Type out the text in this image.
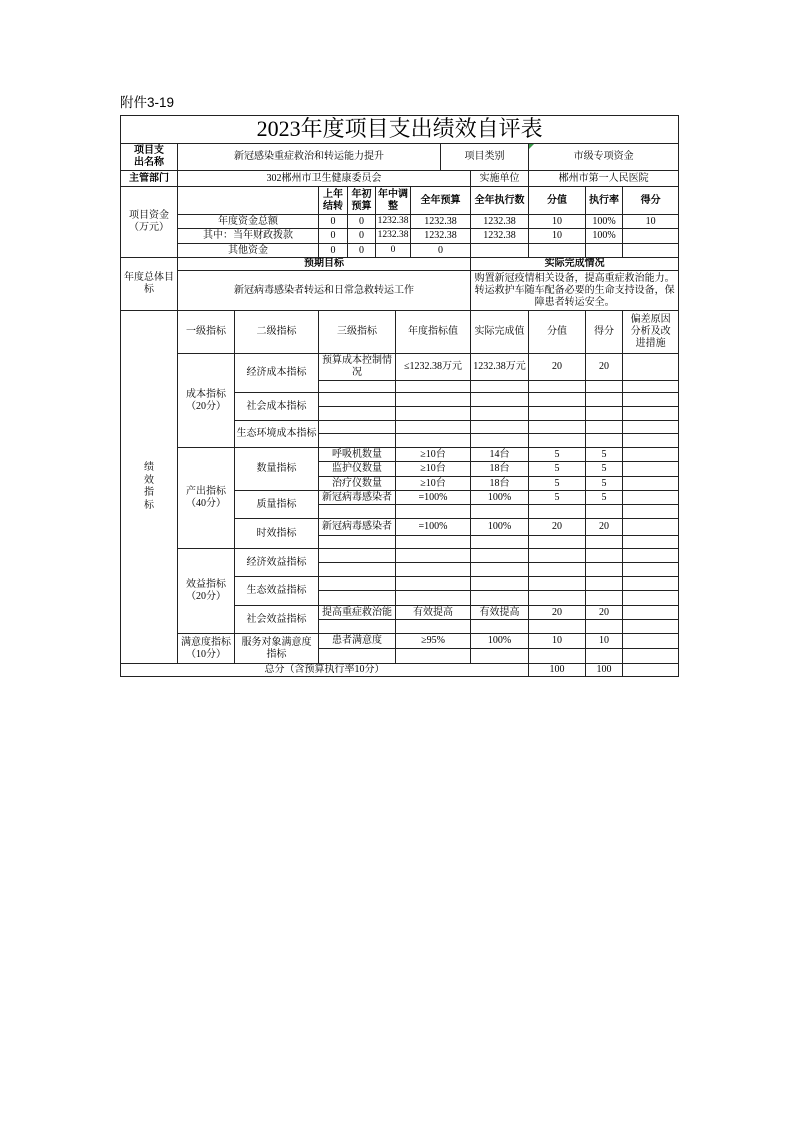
附件3-19
2023年度项目支出绩效自评表												
项目支出名称	新冠感染重症救治和转运能力提升							项目类别		市级专项资金		
主管部门	302郴州市卫生健康委员会								实施单位	郴州市第一人民医院		
项目资金（万元）			上年结转	年初预算	年中调整		全年预算		全年执行数	分值	执行率	得分
	年度资金总额		0	0	1232.38		1232.38		1232.38	10	100%	10
	其中：当年财政拨款		0	0	1232.38		1232.38		1232.38	10	100%	
	其他资金		0	0	0		0					
年度总体目标	预期目标								实际完成情况			
	新冠病毒感染者转运和日常急救转运工作								购置新冠疫情相关设备，提高重症救治能力。转运救护车随车配备必要的生命支持设备，保障患者转运安全。			
绩效指标	一级指标	二级指标	三级指标			年度指标值			实际完成值	分值	得分	偏差原因分析及改进措施
	成本指标（20分）	经济成本指标	预算成本控制情况			≤1232.38万元			1232.38万元	20	20	

		社会成本指标										

		生态环境成本指标										

	产出指标（40分）	数量指标	呼吸机数量			≥10台			14台	5	5	
			监护仪数量			≥10台			18台	5	5	
			治疗仪数量			≥10台			18台	5	5	
		质量指标	新冠病毒感染者			=100%			100%	5	5	

		时效指标	新冠病毒感染者			=100%			100%	20	20	

	效益指标（20分）	经济效益指标										

		生态效益指标										

		社会效益指标	提高重症救治能			有效提高			有效提高	20	20	

	满意度指标（10分）	服务对象满意度指标	患者满意度			≥95%			100%	10	10	

总分（含预算执行率10分）										100	100	
